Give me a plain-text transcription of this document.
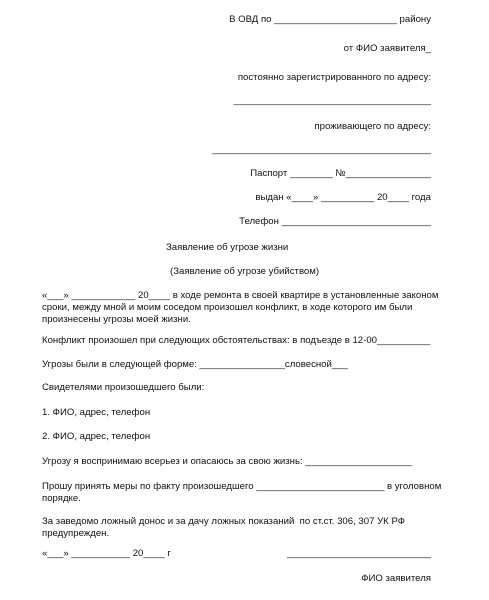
В ОВД по _______________________ району
от ФИО заявителя_
постоянно зарегистрированного по адресу:
_____________________________________
проживающего по адресу:
_________________________________________
Паспорт ________ №________________
выдан «____» __________ 20____ года
Телефон ____________________________
Заявление об угрозе жизни
(Заявление об угрозе убийством)
«___» ____________ 20____ в ходе ремонта в своей квартире в установленные законом
сроки, между мной и моим соседом произошел конфликт, в ходе которого им были
произнесены угрозы моей жизни.
Конфликт произошел при следующих обстоятельствах: в подъезде в 12-00__________
Угрозы были в следующей форме: ________________словесной___
Свидетелями произошедшего были:
1. ФИО, адрес, телефон
2. ФИО, адрес, телефон
Угрозу я воспринимаю всерьез и опасаюсь за свою жизнь: ____________________
Прошу принять меры по факту произошедшего ________________________ в уголовном
порядке.
За заведомо ложный донос и за дачу ложных показаний  по ст.ст. 306, 307 УК РФ
предупрежден.
«___» ___________ 20____ г	___________________________
ФИО заявителя
